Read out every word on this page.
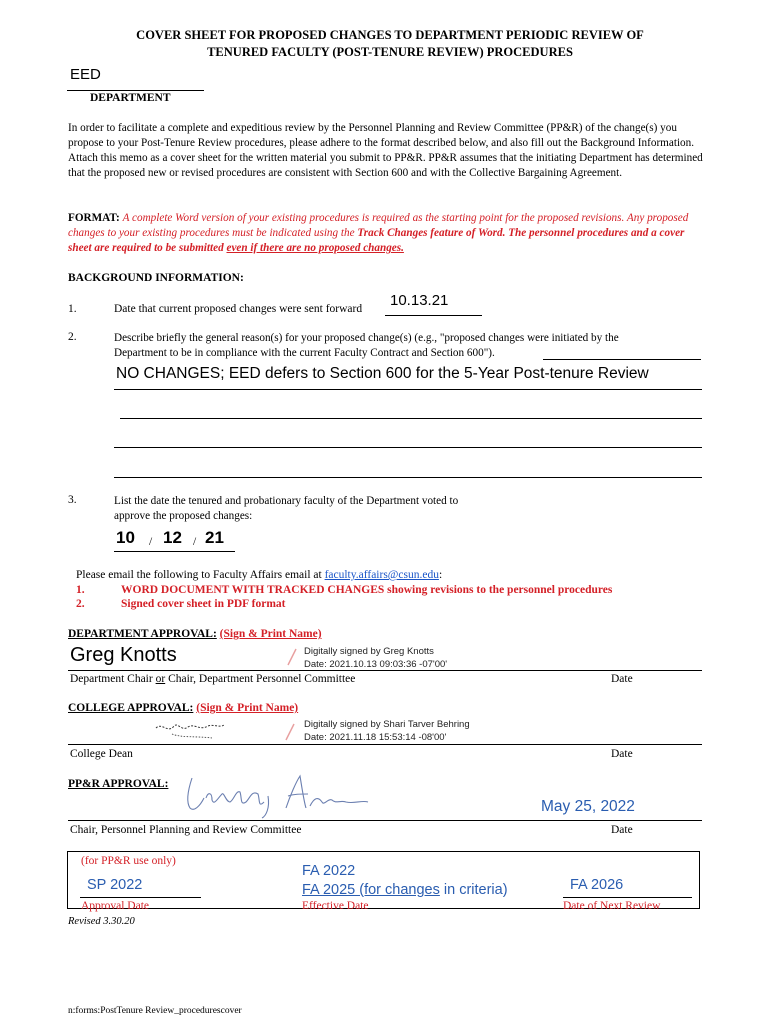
COVER SHEET FOR PROPOSED CHANGES TO DEPARTMENT PERIODIC REVIEW OF
TENURED FACULTY (POST-TENURE REVIEW) PROCEDURES
EED
DEPARTMENT
In order to facilitate a complete and expeditious review by the Personnel Planning and Review Committee (PP&R) of the change(s) you propose to your Post-Tenure Review procedures, please adhere to the format described below, and also fill out the Background Information. Attach this memo as a cover sheet for the written material you submit to PP&R. PP&R assumes that the initiating Department has determined that the proposed new or revised procedures are consistent with Section 600 and with the Collective Bargaining Agreement.
FORMAT: A complete Word version of your existing procedures is required as the starting point for the proposed revisions. Any proposed changes to your existing procedures must be indicated using the Track Changes feature of Word. The personnel procedures and a cover sheet are required to be submitted even if there are no proposed changes.
BACKGROUND INFORMATION:
1.	Date that current proposed changes were sent forward 10.13.21
2.	Describe briefly the general reason(s) for your proposed change(s) (e.g., "proposed changes were initiated by the
Department to be in compliance with the current Faculty Contract and Section 600").
NO CHANGES; EED defers to Section 600 for the 5-Year Post-tenure Review
3.	List the date the tenured and probationary faculty of the Department voted to
approve the proposed changes:
10 / 12 / 21
Please email the following to Faculty Affairs email at faculty.affairs@csun.edu:
1.	WORD DOCUMENT WITH TRACKED CHANGES showing revisions to the personnel procedures
2.	Signed cover sheet in PDF format
DEPARTMENT APPROVAL: (Sign & Print Name)
Greg Knotts	Digitally signed by Greg Knotts
Date: 2021.10.13 09:03:36 -07'00'
Department Chair or Chair, Department Personnel Committee	Date
COLLEGE APPROVAL: (Sign & Print Name)
Digitally signed by Shari Tarver Behring
Date: 2021.11.18 15:53:14 -08'00'
College Dean	Date
PP&R APPROVAL:
May 25, 2022
Chair, Personnel Planning and Review Committee	Date
(for PP&R use only)
SP 2022
Approval Date
FA 2022
FA 2025 (for changes in criteria)
Effective Date
FA 2026
Date of Next Review
Revised 3.30.20
n:forms:PostTenure Review_procedurescover
